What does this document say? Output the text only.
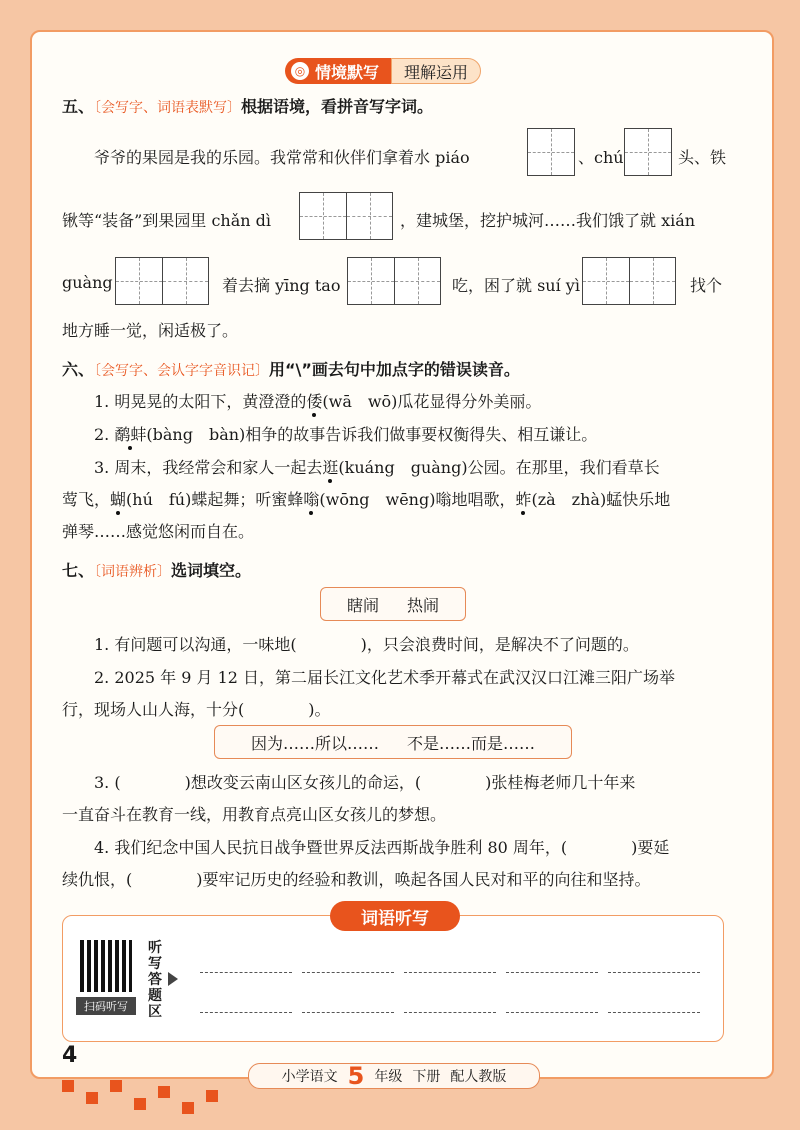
◎ 情境默写	理解运用
五、〔会写字、词语表默写〕根据语境，看拼音写字词。
爷爷的果园是我的乐园。我常常和伙伴们拿着水 piáo	、chú	头、铁
锹等“装备”到果园里 chǎn dì	，建城堡，挖护城河……我们饿了就 xián
guàng	着去摘 yīng tao	吃，困了就 suí yì	找个
地方睡一觉，闲适极了。
六、〔会写字、会认字字音识记〕用“\”画去句中加点字的错误读音。
1. 明晃晃的太阳下，黄澄澄的倭(wā　wō)瓜花显得分外美丽。
2. 鹬蚌(bàng　bàn)相争的故事告诉我们做事要权衡得失、相互谦让。
3. 周末，我经常会和家人一起去逛(kuáng　guàng)公园。在那里，我们看草长
莺飞，蝴(hú　fú)蝶起舞；听蜜蜂嗡(wōng　wēng)嗡地唱歌，蚱(zà　zhà)蜢快乐地
弹琴……感觉悠闲而自在。
七、〔词语辨析〕选词填空。
瞎闹 热闹
1. 有问题可以沟通，一味地(　　　　)，只会浪费时间，是解决不了问题的。
2. 2025 年 9 月 12 日，第二届长江文化艺术季开幕式在武汉汉口江滩三阳广场举
行，现场人山人海，十分(　　　　)。
因为……所以…… 不是……而是……
3. (　　　　)想改变云南山区女孩儿的命运，(　　　　)张桂梅老师几十年来
一直奋斗在教育一线，用教育点亮山区女孩儿的梦想。
4. 我们纪念中国人民抗日战争暨世界反法西斯战争胜利 80 周年，(　　　　)要延
续仇恨，(　　　　)要牢记历史的经验和教训，唤起各国人民对和平的向往和坚持。
词语听写
扫码听写
听写答题区
4
小学语文 5 年级 下册 配人教版
